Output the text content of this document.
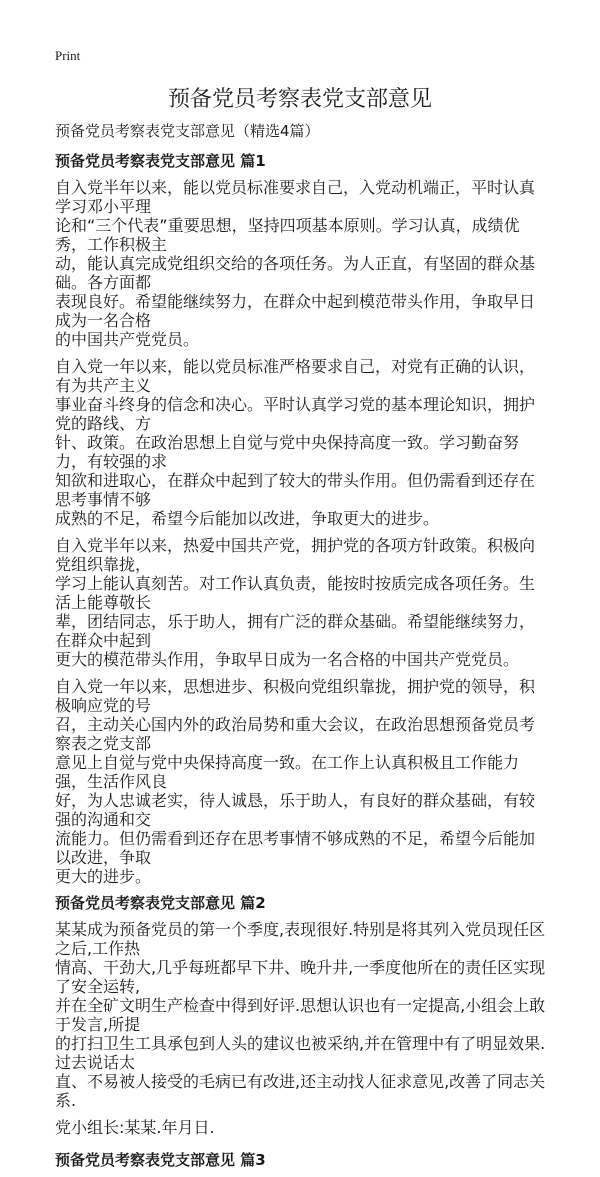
Print
预备党员考察表党支部意见
预备党员考察表党支部意见（精选4篇）
预备党员考察表党支部意见 篇1
自入党半年以来，能以党员标准要求自己，入党动机端正，平时认真学习邓小平理
论和“三个代表”重要思想，坚持四项基本原则。学习认真，成绩优秀，工作积极主
动，能认真完成党组织交给的各项任务。为人正直，有坚固的群众基础。各方面都
表现良好。希望能继续努力，在群众中起到模范带头作用，争取早日成为一名合格
的中国共产党党员。
自入党一年以来，能以党员标准严格要求自己，对党有正确的认识，有为共产主义
事业奋斗终身的信念和决心。平时认真学习党的基本理论知识，拥护党的路线、方
针、政策。在政治思想上自觉与党中央保持高度一致。学习勤奋努力，有较强的求
知欲和进取心，在群众中起到了较大的带头作用。但仍需看到还存在思考事情不够
成熟的不足，希望今后能加以改进，争取更大的进步。
自入党半年以来，热爱中国共产党，拥护党的各项方针政策。积极向党组织靠拢，
学习上能认真刻苦。对工作认真负责，能按时按质完成各项任务。生活上能尊敬长
辈，团结同志，乐于助人，拥有广泛的群众基础。希望能继续努力，在群众中起到
更大的模范带头作用，争取早日成为一名合格的中国共产党党员。
自入党一年以来，思想进步、积极向党组织靠拢，拥护党的领导，积极响应党的号
召，主动关心国内外的政治局势和重大会议，在政治思想预备党员考察表之党支部
意见上自觉与党中央保持高度一致。在工作上认真积极且工作能力强，生活作风良
好，为人忠诚老实，待人诚恳，乐于助人，有良好的群众基础，有较强的沟通和交
流能力。但仍需看到还存在思考事情不够成熟的不足，希望今后能加以改进，争取
更大的进步。
预备党员考察表党支部意见 篇2
某某成为预备党员的第一个季度,表现很好.特别是将其列入党员现任区之后,工作热
情高、干劲大,几乎每班都早下井、晚升井,一季度他所在的责任区实现了安全运转,
并在全矿文明生产检查中得到好评.思想认识也有一定提高,小组会上敢于发言,所提
的打扫卫生工具承包到人头的建议也被采纳,并在管理中有了明显效果.过去说话太
直、不易被人接受的毛病已有改进,还主动找人征求意见,改善了同志关系.
党小组长:某某.年月日.
预备党员考察表党支部意见 篇3
